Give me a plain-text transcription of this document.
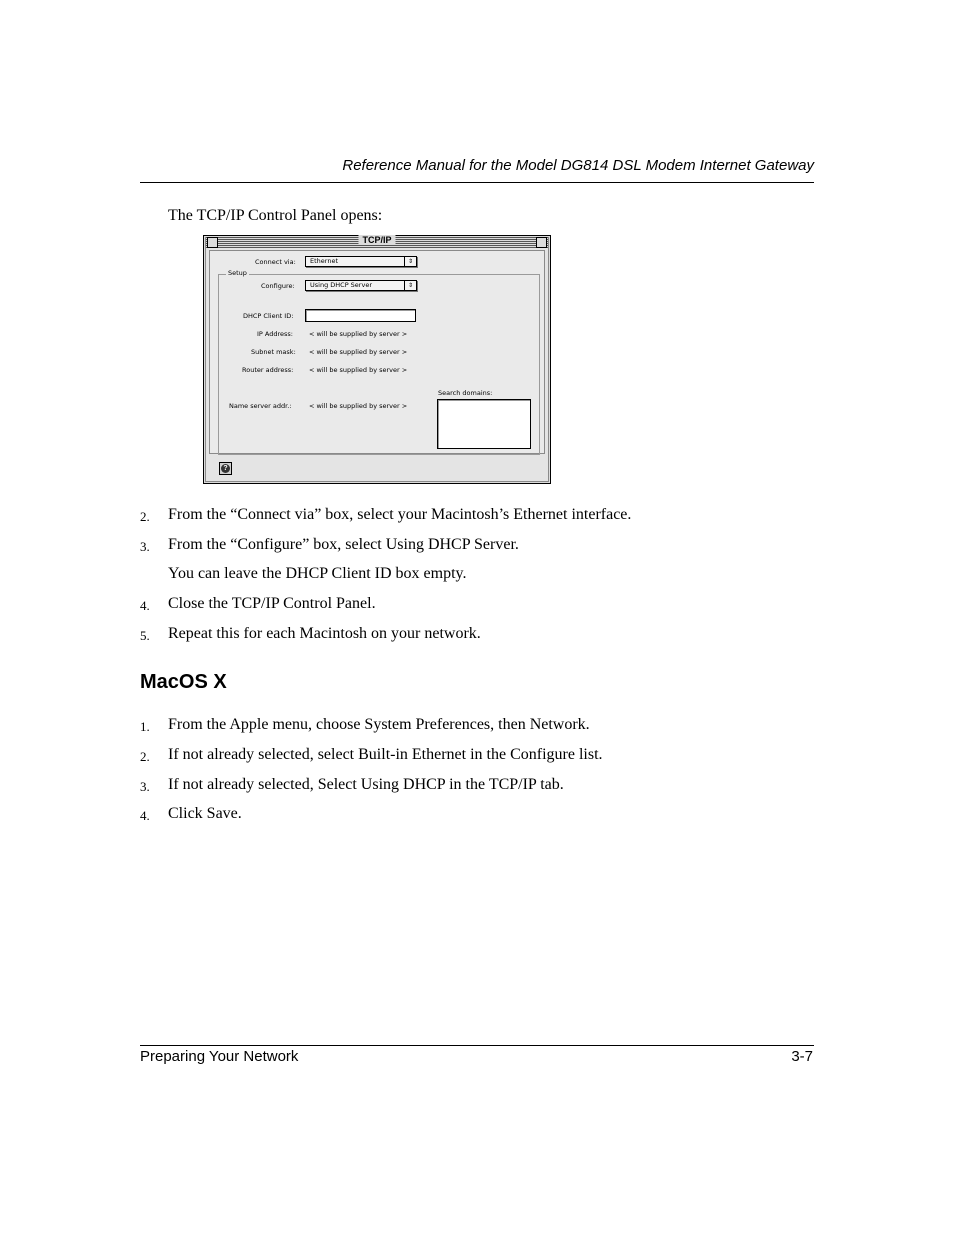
Reference Manual for the Model DG814 DSL Modem Internet Gateway
The TCP/IP Control Panel opens:
TCP/IP
Connect via:	Ethernet	⇕
Setup
Configure:	Using DHCP Server	⇕
DHCP Client ID:
IP Address: < will be supplied by server >
Subnet mask: < will be supplied by server >
Router address: < will be supplied by server >
Search domains:
Name server addr.:	< will be supplied by server >
?
2. From the “Connect via” box, select your Macintosh’s Ethernet interface.
3. From the “Configure” box, select Using DHCP Server.
You can leave the DHCP Client ID box empty.
4. Close the TCP/IP Control Panel.
5. Repeat this for each Macintosh on your network.
MacOS X
1. From the Apple menu, choose System Preferences, then Network.
2. If not already selected, select Built-in Ethernet in the Configure list.
3. If not already selected, Select Using DHCP in the TCP/IP tab.
4. Click Save.
Preparing Your Network	3-7
